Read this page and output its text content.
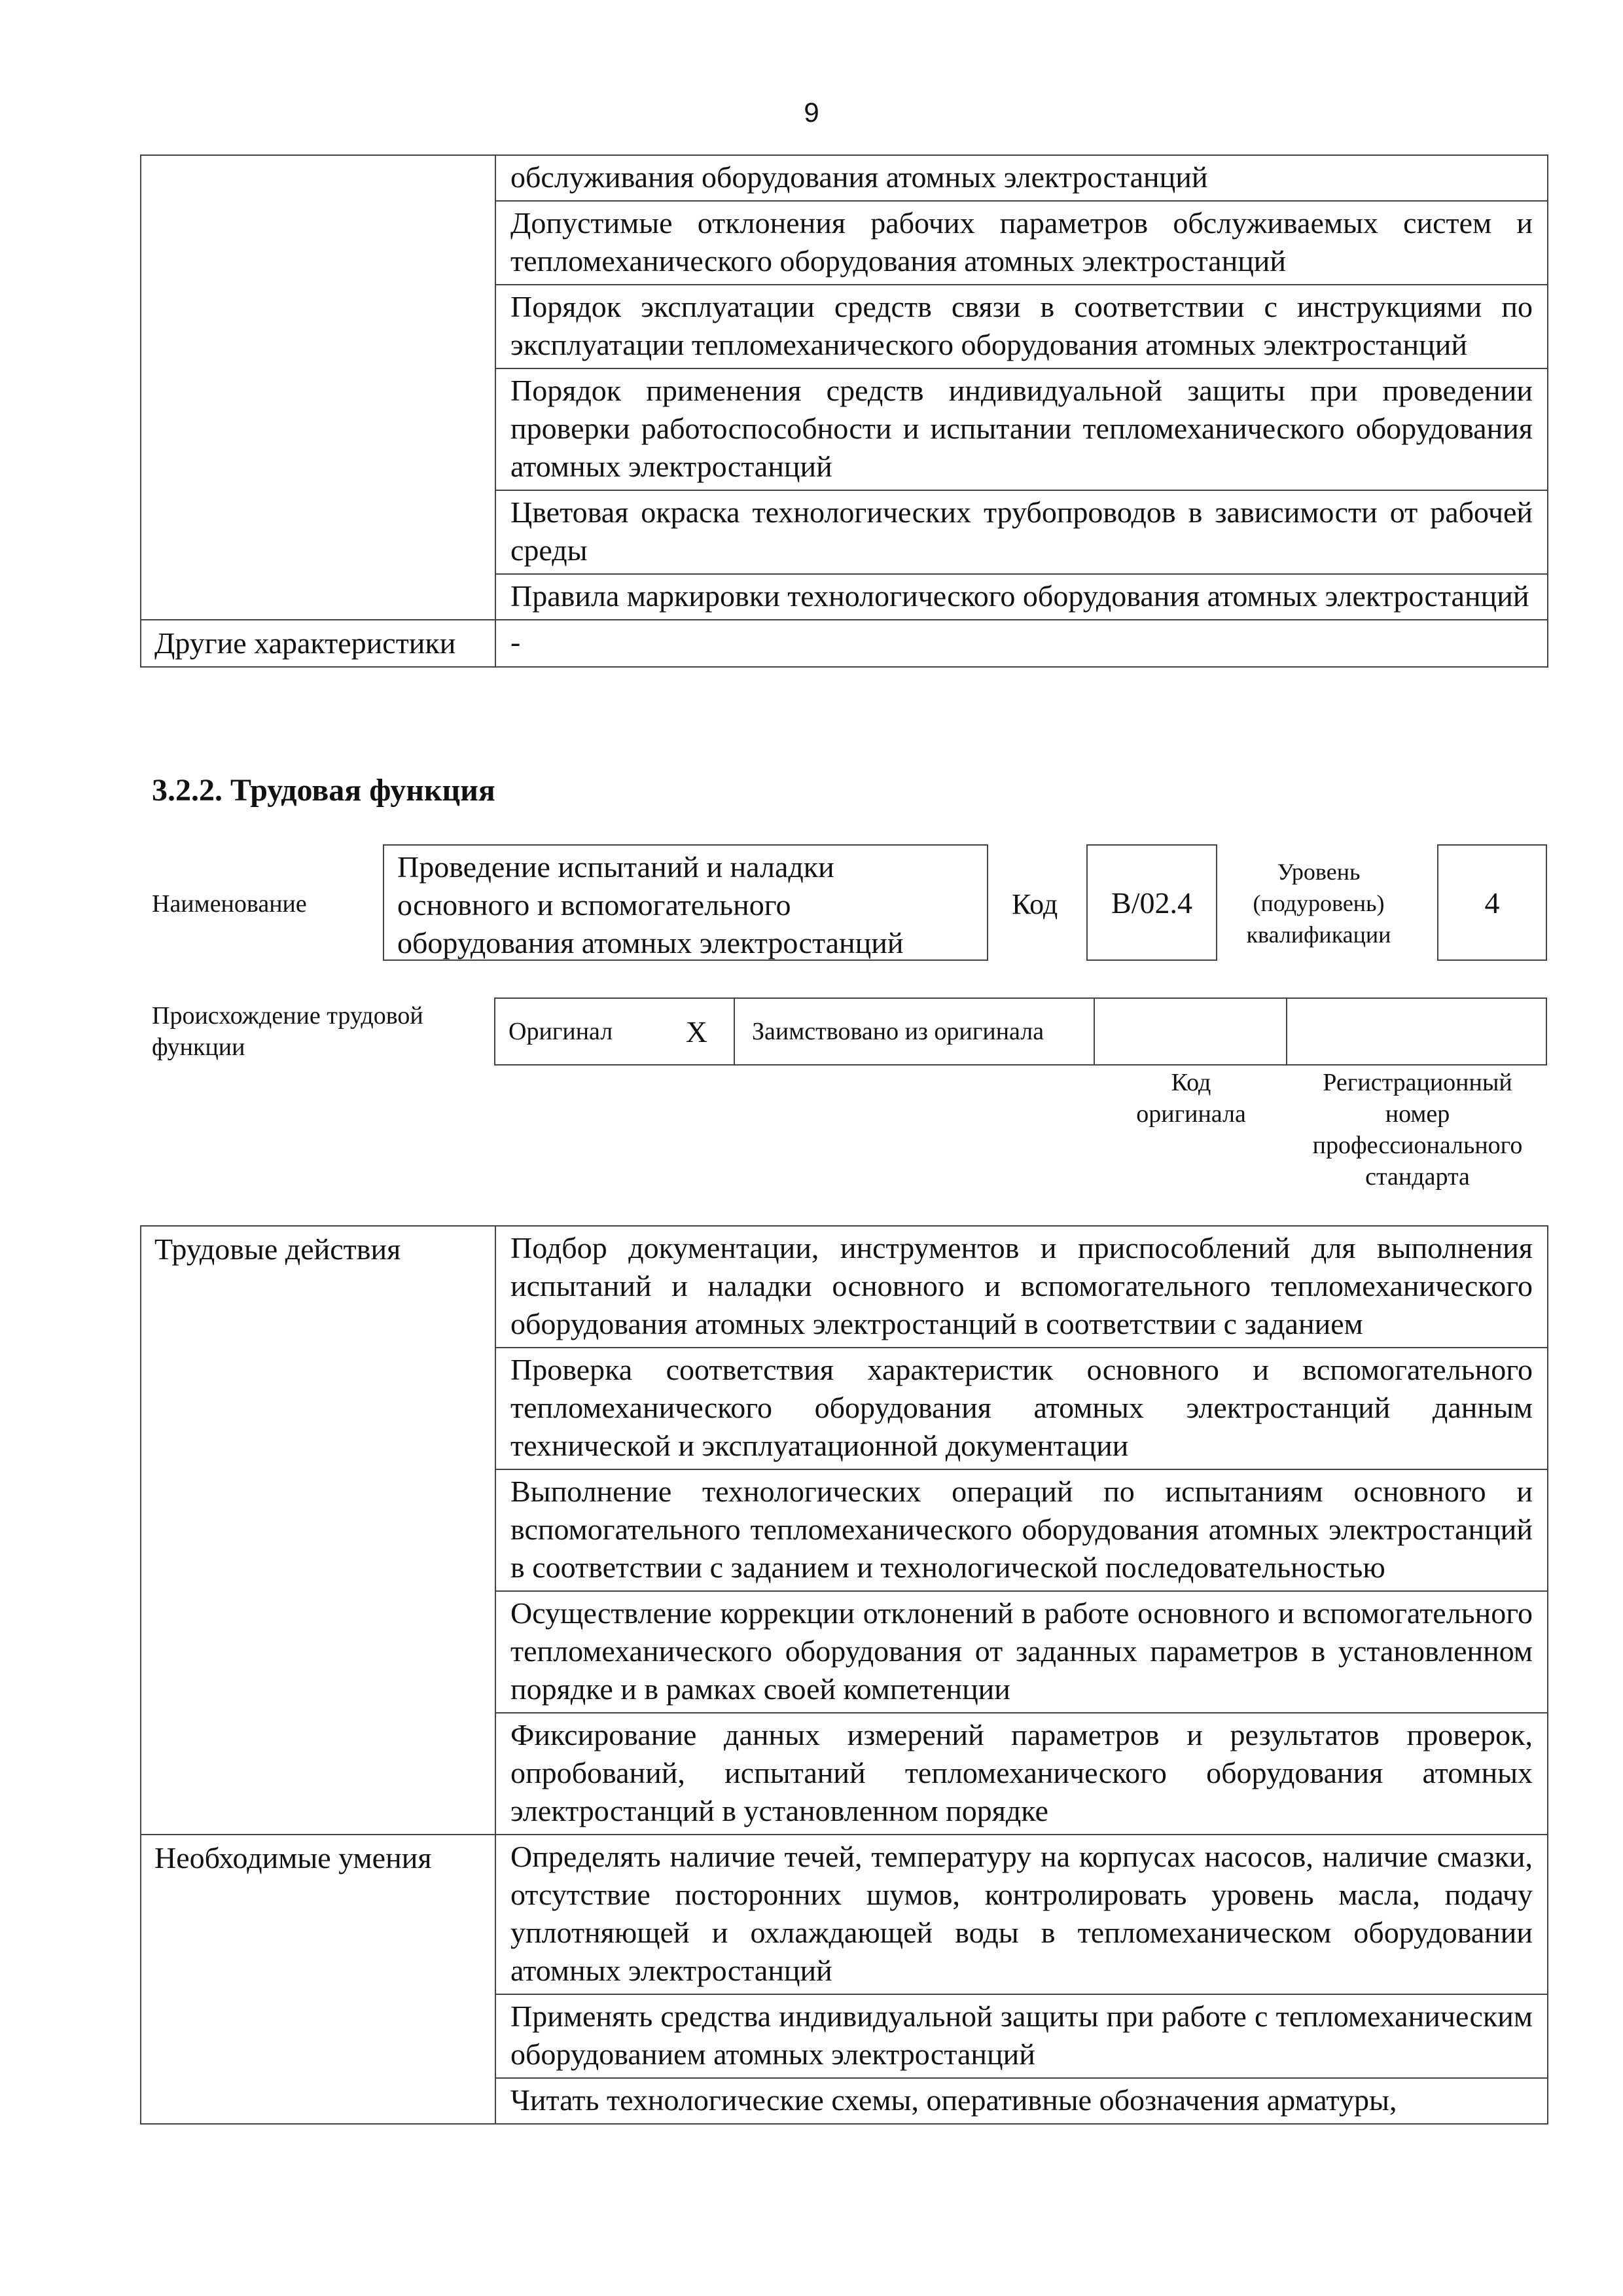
9
	обслуживания оборудования атомных электростанций
	Допустимые отклонения рабочих параметров обслуживаемых систем и тепломеханического оборудования атомных электростанций
	Порядок эксплуатации средств связи в соответствии с инструкциями по эксплуатации тепломеханического оборудования атомных электростанций
	Порядок применения средств индивидуальной защиты при проведении проверки работоспособности и испытании тепломеханического оборудования атомных электростанций
	Цветовая окраска технологических трубопроводов в зависимости от рабочей среды
	Правила маркировки технологического оборудования атомных электростанций
Другие характеристики	-
3.2.2. Трудовая функция
Наименование
Проведение испытаний и наладки основного и вспомогательного оборудования атомных электростанций
Код B/02.4
Уровень (подуровень) квалификации
4
Происхождение трудовой функции
Оригинал X Заимствовано из оригинала
Код оригинала
Регистрационный номер профессионального стандарта
Трудовые действия	Подбор документации, инструментов и приспособлений для выполнения испытаний и наладки основного и вспомогательного тепломеханического оборудования атомных электростанций в соответствии с заданием
	Проверка соответствия характеристик основного и вспомогательного тепломеханического оборудования атомных электростанций данным технической и эксплуатационной документации
	Выполнение технологических операций по испытаниям основного и вспомогательного тепломеханического оборудования атомных электростанций в соответствии с заданием и технологической последовательностью
	Осуществление коррекции отклонений в работе основного и вспомогательного тепломеханического оборудования от заданных параметров в установленном порядке и в рамках своей компетенции
	Фиксирование данных измерений параметров и результатов проверок, опробований, испытаний тепломеханического оборудования атомных электростанций в установленном порядке
Необходимые умения	Определять наличие течей, температуру на корпусах насосов, наличие смазки, отсутствие посторонних шумов, контролировать уровень масла, подачу уплотняющей и охлаждающей воды в тепломеханическом оборудовании атомных электростанций
	Применять средства индивидуальной защиты при работе с тепломеханическим оборудованием атомных электростанций
	Читать технологические схемы, оперативные обозначения арматуры,
